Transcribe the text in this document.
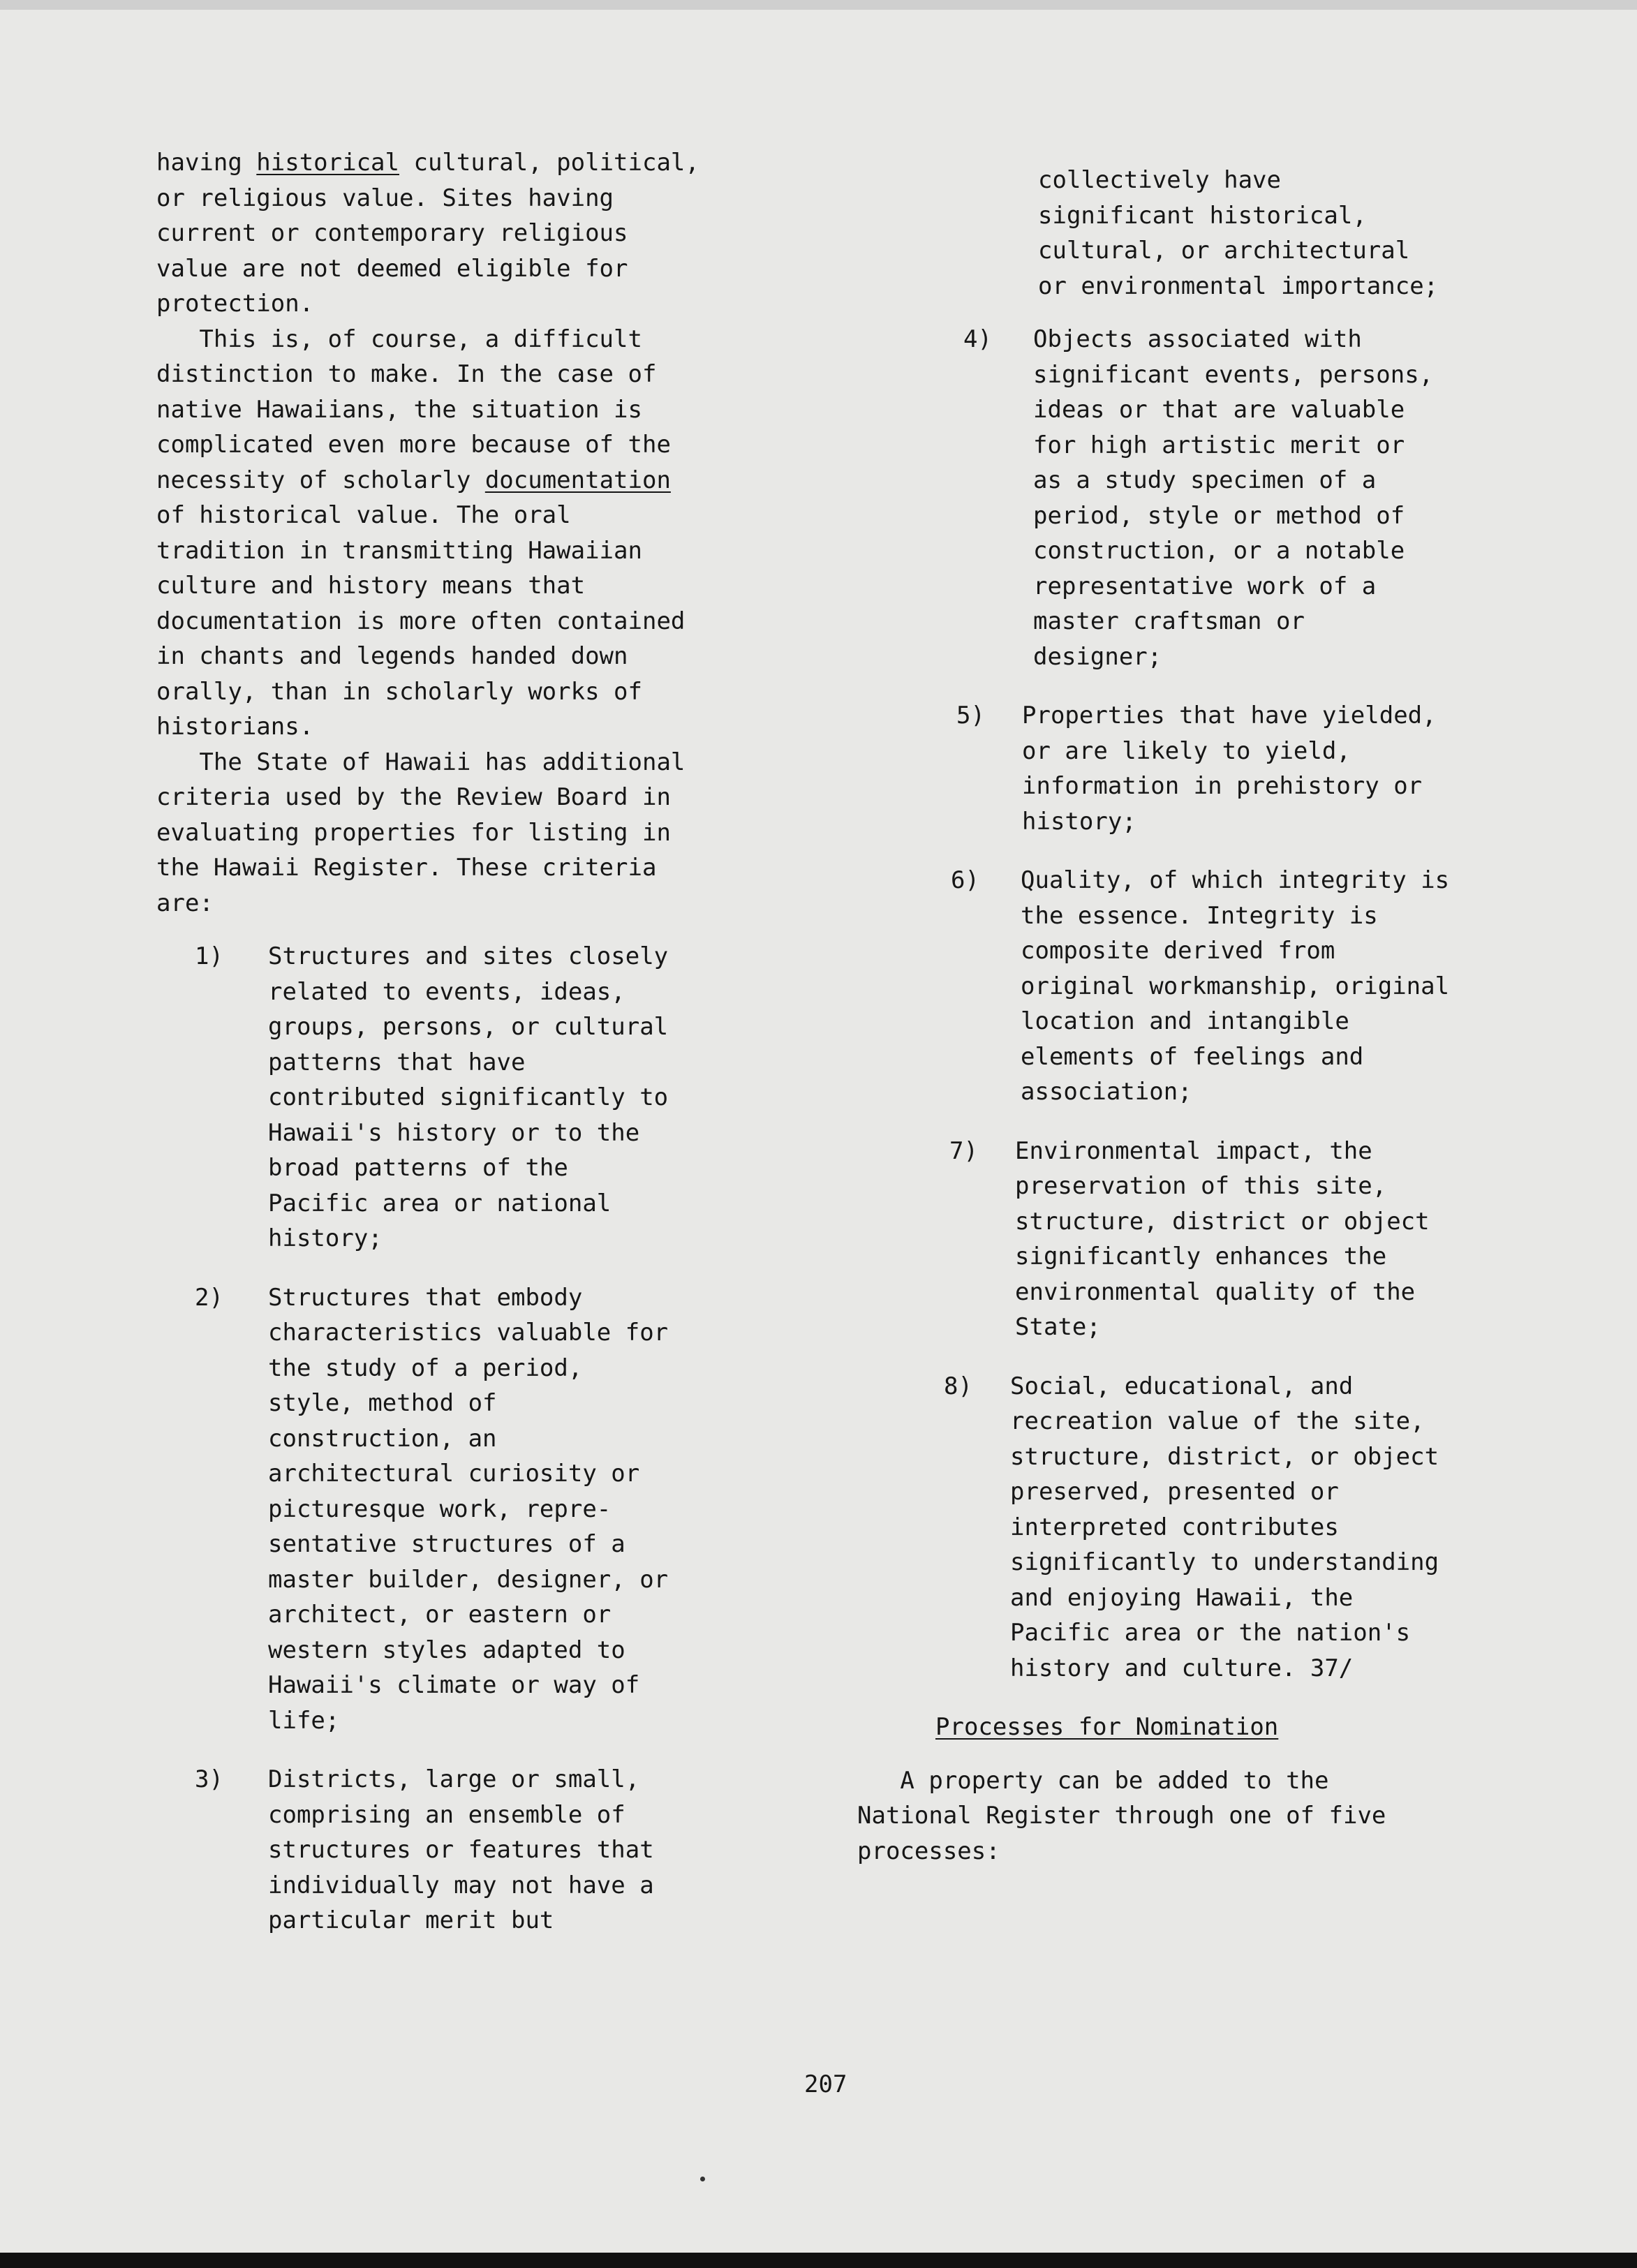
having historical cultural, political,
or religious value. Sites having
current or contemporary religious
value are not deemed eligible for
protection.
This is, of course, a difficult
distinction to make. In the case of
native Hawaiians, the situation is
complicated even more because of the
necessity of scholarly documentation
of historical value. The oral
tradition in transmitting Hawaiian
culture and history means that
documentation is more often contained
in chants and legends handed down
orally, than in scholarly works of
historians.
The State of Hawaii has additional
criteria used by the Review Board in
evaluating properties for listing in
the Hawaii Register. These criteria
are:
1) Structures and sites closely
related to events, ideas,
groups, persons, or cultural
patterns that have
contributed significantly to
Hawaii's history or to the
broad patterns of the
Pacific area or national
history;
2) Structures that embody
characteristics valuable for
the study of a period,
style, method of
construction, an
architectural curiosity or
picturesque work, repre-
sentative structures of a
master builder, designer, or
architect, or eastern or
western styles adapted to
Hawaii's climate or way of
life;
3) Districts, large or small,
comprising an ensemble of
structures or features that
individually may not have a
particular merit but
collectively have
significant historical,
cultural, or architectural
or environmental importance;
4) Objects associated with
significant events, persons,
ideas or that are valuable
for high artistic merit or
as a study specimen of a
period, style or method of
construction, or a notable
representative work of a
master craftsman or
designer;
5) Properties that have yielded,
or are likely to yield,
information in prehistory or
history;
6) Quality, of which integrity is
the essence. Integrity is
composite derived from
original workmanship, original
location and intangible
elements of feelings and
association;
7) Environmental impact, the
preservation of this site,
structure, district or object
significantly enhances the
environmental quality of the
State;
8) Social, educational, and
recreation value of the site,
structure, district, or object
preserved, presented or
interpreted contributes
significantly to understanding
and enjoying Hawaii, the
Pacific area or the nation's
history and culture. 37/
Processes for Nomination
A property can be added to the
National Register through one of five
processes:
207
